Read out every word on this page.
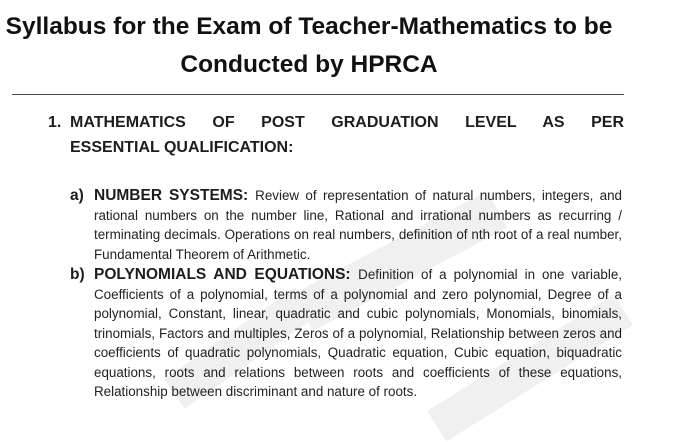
Syllabus for the Exam of Teacher-Mathematics to be Conducted by HPRCA
1. MATHEMATICS OF POST GRADUATION LEVEL AS PER
ESSENTIAL QUALIFICATION:
a) NUMBER SYSTEMS: Review of representation of natural numbers, integers, and rational numbers on the number line, Rational and irrational numbers as recurring / terminating decimals. Operations on real numbers, definition of nth root of a real number, Fundamental Theorem of Arithmetic.
b) POLYNOMIALS AND EQUATIONS: Definition of a polynomial in one variable, Coefficients of a polynomial, terms of a polynomial and zero polynomial, Degree of a polynomial, Constant, linear, quadratic and cubic polynomials, Monomials, binomials, trinomials, Factors and multiples, Zeros of a polynomial, Relationship between zeros and coefficients of quadratic polynomials, Quadratic equation, Cubic equation, biquadratic equations, roots and relations between roots and coefficients of these equations, Relationship between discriminant and nature of roots.
